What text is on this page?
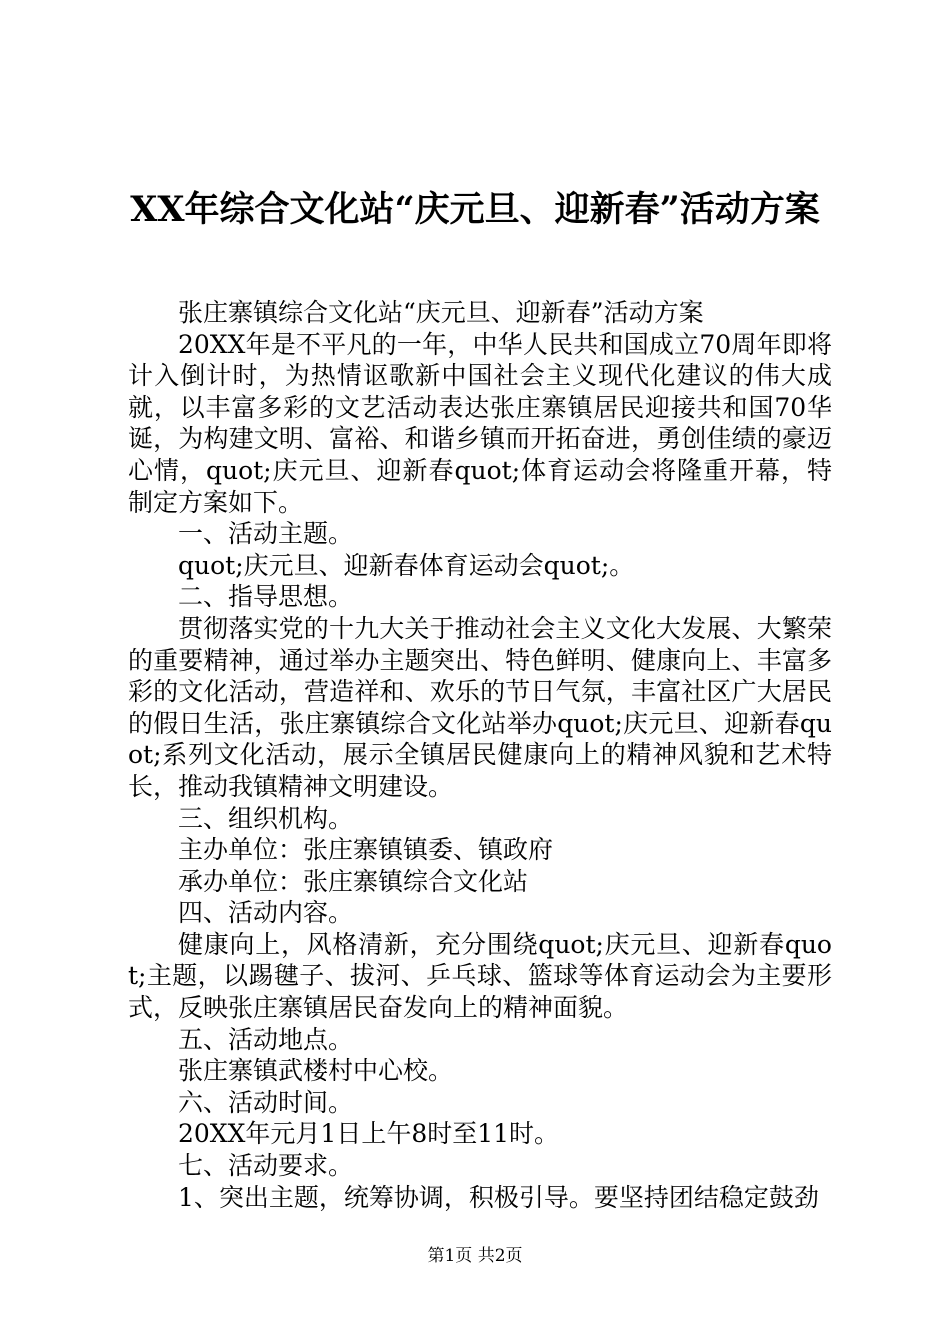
XX年综合文化站“庆元旦、迎新春”活动方案

张庄寨镇综合文化站“庆元旦、迎新春”活动方案

20XX年是不平凡的一年，中华人民共和国成立70周年即将计入倒计时，为热情讴歌新中国社会主义现代化建议的伟大成就，以丰富多彩的文艺活动表达张庄寨镇居民迎接共和国70华诞，为构建文明、富裕、和谐乡镇而开拓奋进，勇创佳绩的豪迈心情，quot;庆元旦、迎新春quot;体育运动会将隆重开幕，特制定方案如下。

一、活动主题。

quot;庆元旦、迎新春体育运动会quot;。

二、指导思想。

贯彻落实党的十九大关于推动社会主义文化大发展、大繁荣的重要精神，通过举办主题突出、特色鲜明、健康向上、丰富多彩的文化活动，营造祥和、欢乐的节日气氛，丰富社区广大居民的假日生活，张庄寨镇综合文化站举办quot;庆元旦、迎新春quot;系列文化活动，展示全镇居民健康向上的精神风貌和艺术特长，推动我镇精神文明建设。

三、组织机构。

主办单位：张庄寨镇镇委、镇政府

承办单位：张庄寨镇综合文化站

四、活动内容。

健康向上，风格清新，充分围绕quot;庆元旦、迎新春quot;主题，以踢毽子、拔河、乒乓球、篮球等体育运动会为主要形式，反映张庄寨镇居民奋发向上的精神面貌。

五、活动地点。

张庄寨镇武楼村中心校。

六、活动时间。

20XX年元月1日上午8时至11时。

七、活动要求。

1、突出主题，统筹协调，积极引导。要坚持团结稳定鼓劲

第1页 共2页
